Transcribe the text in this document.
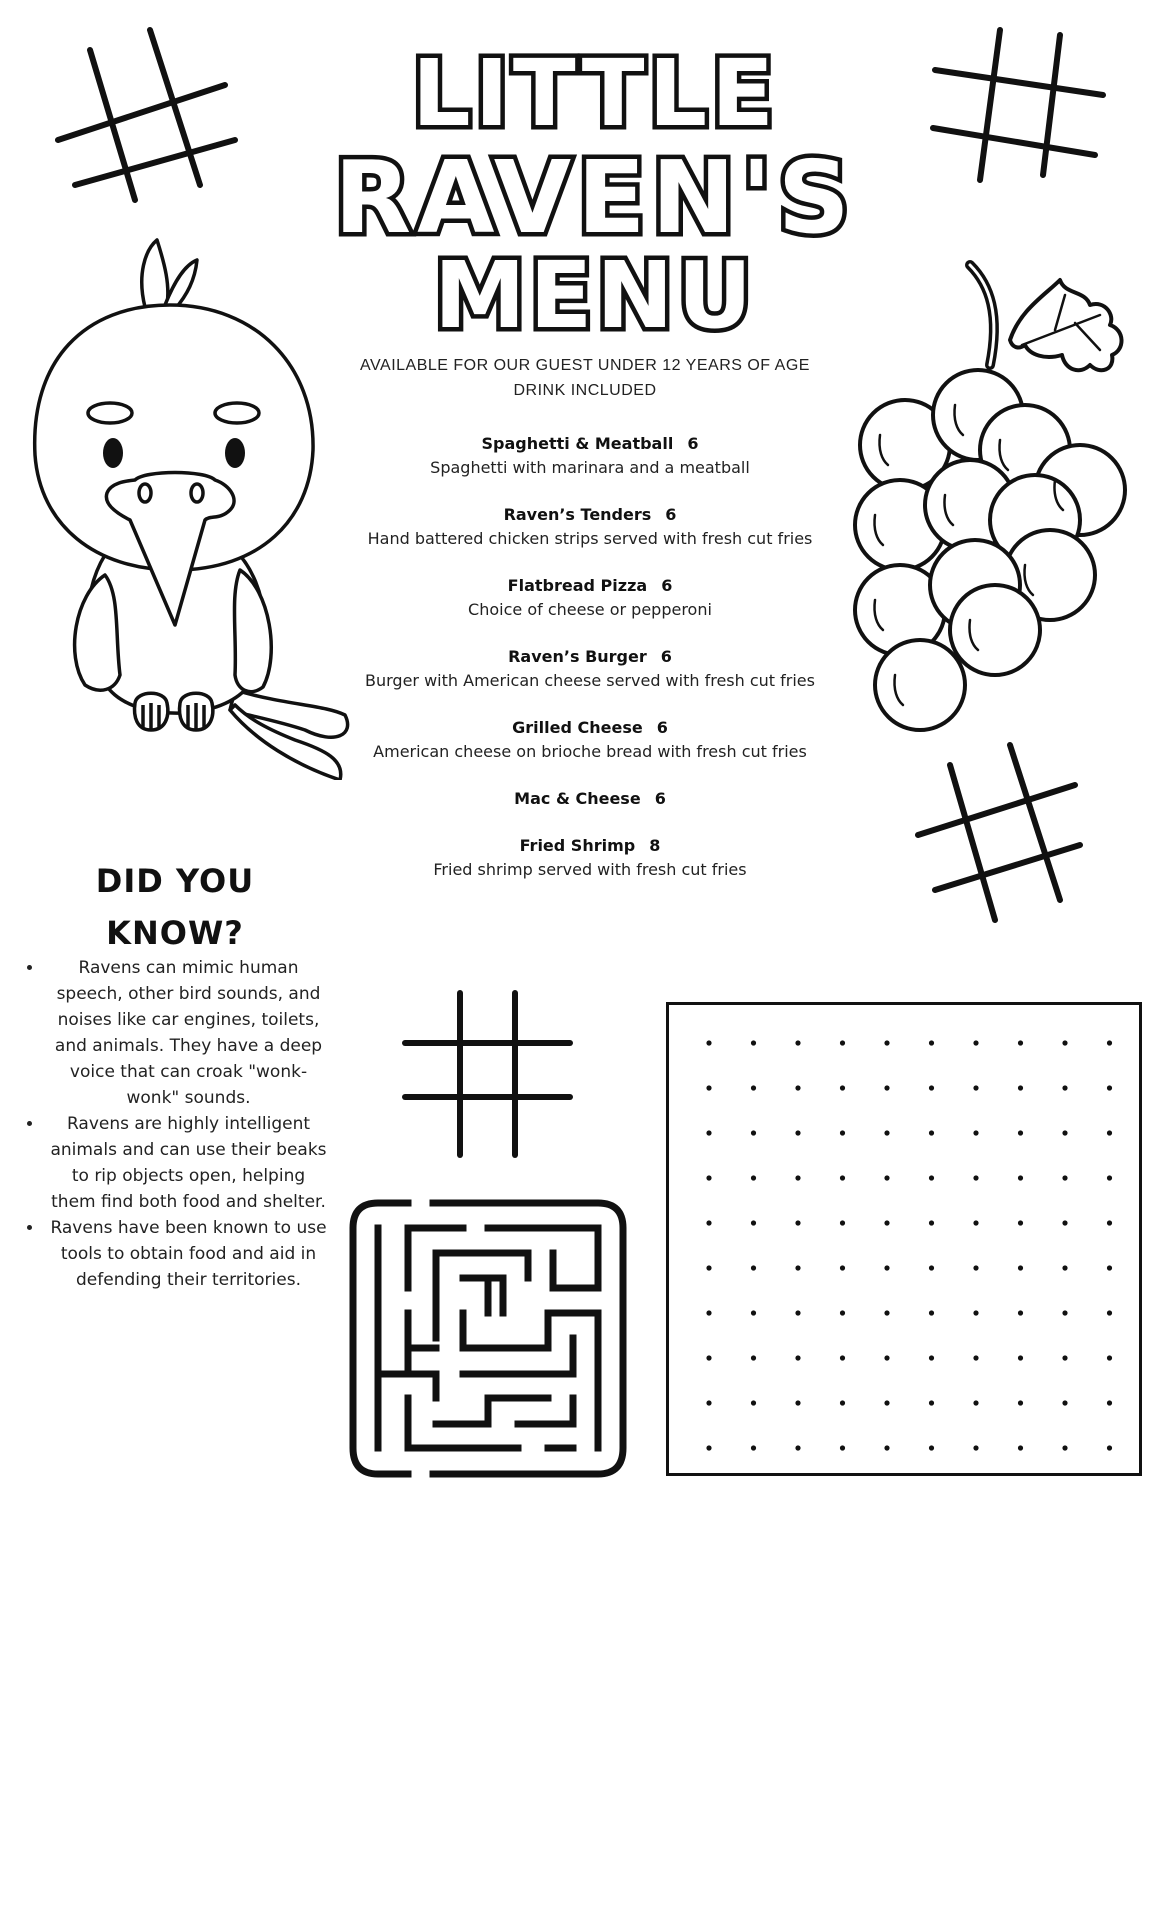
LITTLE
RAVEN'S
MENU
AVAILABLE FOR OUR GUEST UNDER 12 YEARS OF AGE
DRINK INCLUDED
Spaghetti & Meatball 6
Spaghetti with marinara and a meatball
Raven’s Tenders 6
Hand battered chicken strips served with fresh cut fries
Flatbread Pizza 6
Choice of cheese or pepperoni
Raven’s Burger 6
Burger with American cheese served with fresh cut fries
Grilled Cheese 6
American cheese on brioche bread with fresh cut fries
Mac & Cheese 6
Fried Shrimp 8
Fried shrimp served with fresh cut fries
DID YOU
KNOW?
• Ravens can mimic human speech, other bird sounds, and noises like car engines, toilets, and animals. They have a deep voice that can croak "wonk-wonk" sounds.
• Ravens are highly intelligent animals and can use their beaks to rip objects open, helping them find both food and shelter.
• Ravens have been known to use tools to obtain food and aid in defending their territories.
